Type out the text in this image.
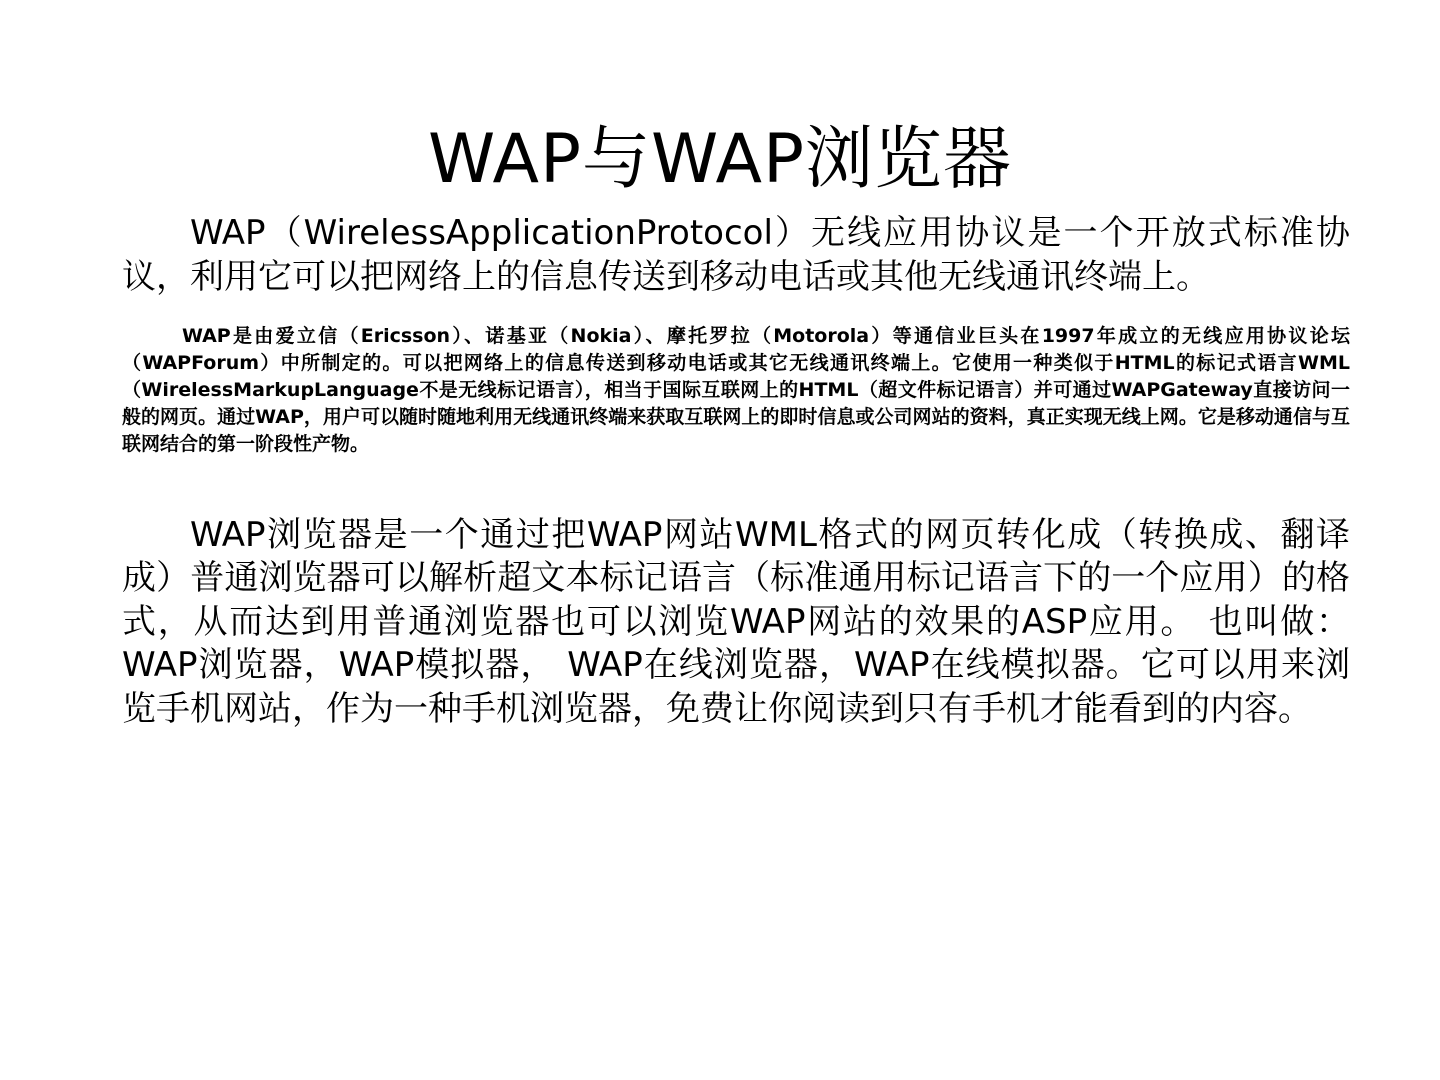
WAP与WAP浏览器

WAP（WirelessApplicationProtocol）无线应用协议是一个开放式标准协议，利用它可以把网络上的信息传送到移动电话或其他无线通讯终端上。

WAP是由爱立信（Ericsson）、诺基亚（Nokia）、摩托罗拉（Motorola）等通信业巨头在1997年成立的无线应用协议论坛（WAPForum）中所制定的。可以把网络上的信息传送到移动电话或其它无线通讯终端上。它使用一种类似于HTML的标记式语言WML（WirelessMarkupLanguage不是无线标记语言），相当于国际互联网上的HTML（超文件标记语言）并可通过WAPGateway直接访问一般的网页。通过WAP，用户可以随时随地利用无线通讯终端来获取互联网上的即时信息或公司网站的资料，真正实现无线上网。它是移动通信与互联网结合的第一阶段性产物。

WAP浏览器是一个通过把WAP网站WML格式的网页转化成（转换成、翻译成）普通浏览器可以解析超文本标记语言（标准通用标记语言下的一个应用）的格式，从而达到用普通浏览器也可以浏览WAP网站的效果的ASP应用。 也叫做：WAP浏览器，WAP模拟器， WAP在线浏览器，WAP在线模拟器。它可以用来浏览手机网站，作为一种手机浏览器，免费让你阅读到只有手机才能看到的内容。
